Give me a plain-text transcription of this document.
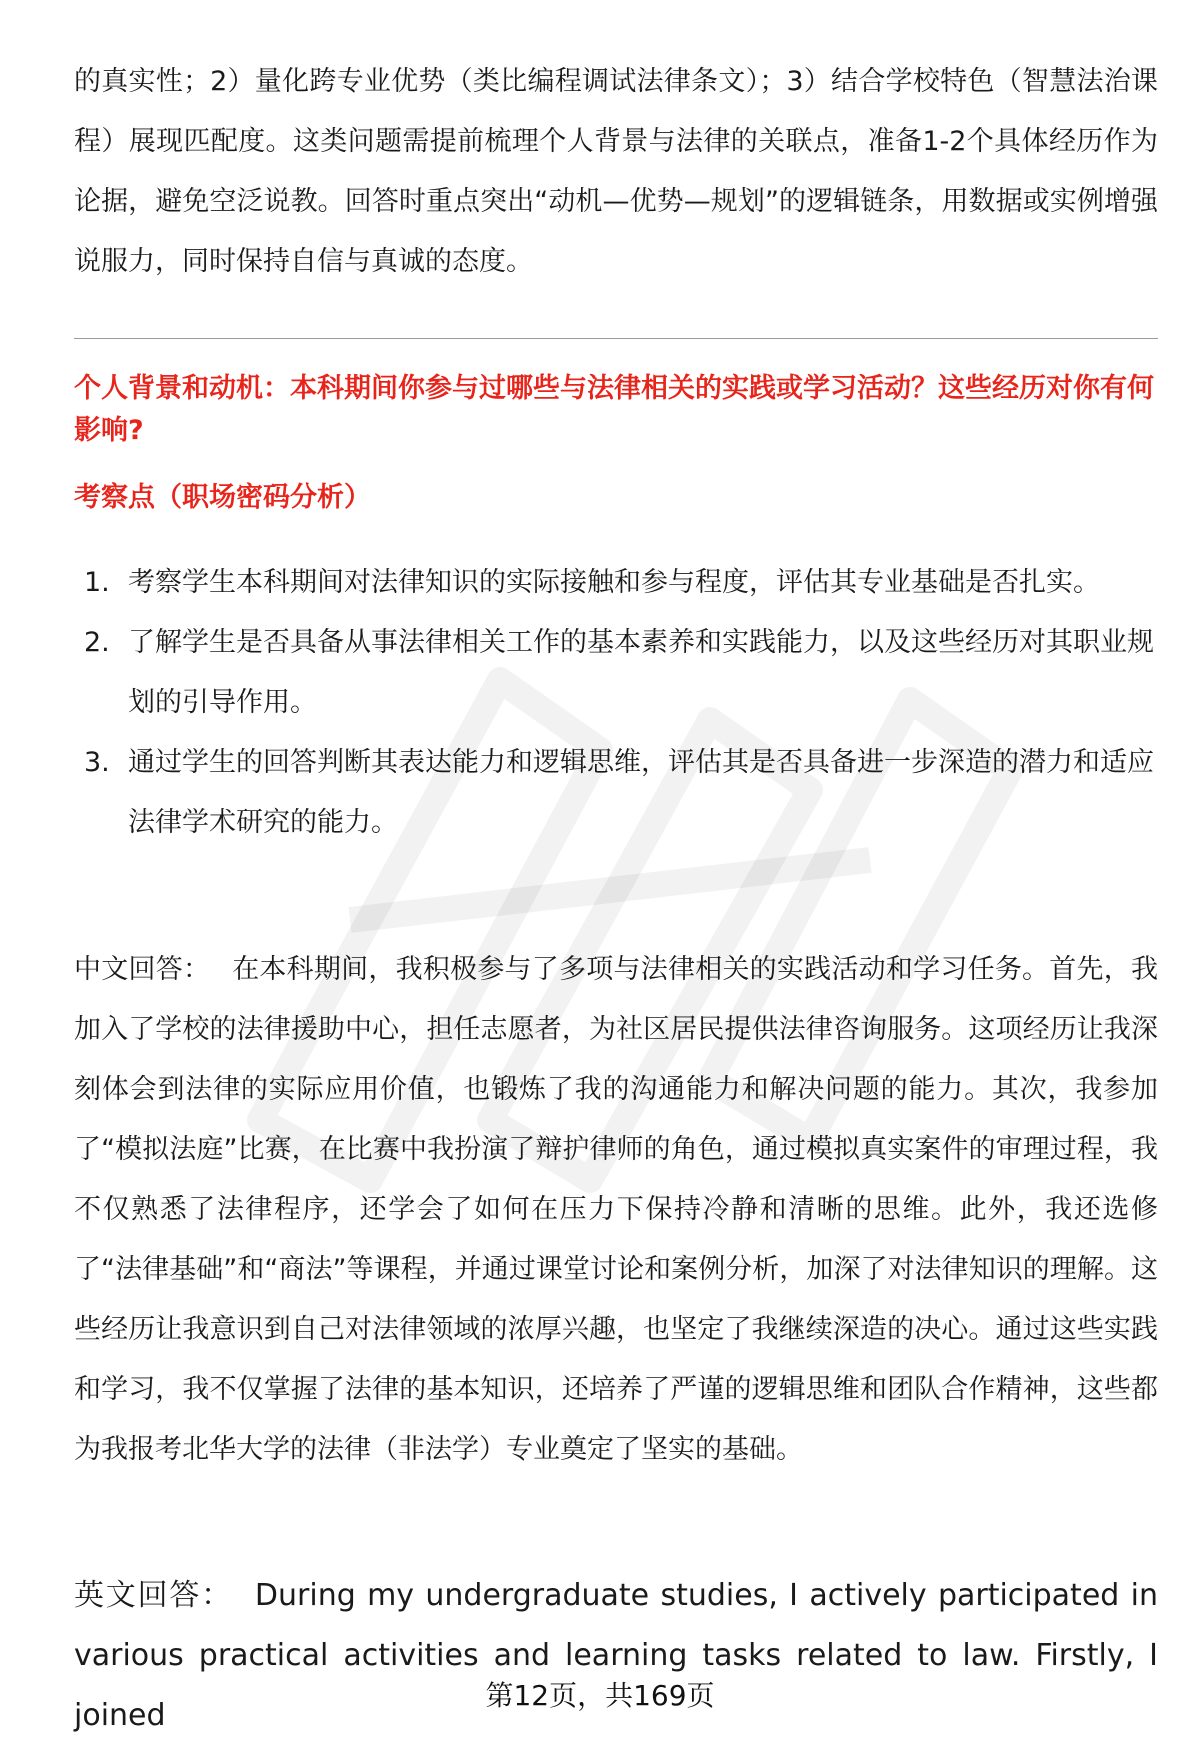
的真实性；2）量化跨专业优势（类比编程调试法律条文）；3）结合学校特色（智慧法治课程）展现匹配度。这类问题需提前梳理个人背景与法律的关联点，准备1-2个具体经历作为论据，避免空泛说教。回答时重点突出“动机—优势—规划”的逻辑链条，用数据或实例增强说服力，同时保持自信与真诚的态度。

个人背景和动机：本科期间你参与过哪些与法律相关的实践或学习活动？这些经历对你有何影响?

考察点（职场密码分析）

1. 考察学生本科期间对法律知识的实际接触和参与程度，评估其专业基础是否扎实。
2. 了解学生是否具备从事法律相关工作的基本素养和实践能力，以及这些经历对其职业规划的引导作用。
3. 通过学生的回答判断其表达能力和逻辑思维，评估其是否具备进一步深造的潜力和适应法律学术研究的能力。

中文回答： 在本科期间，我积极参与了多项与法律相关的实践活动和学习任务。首先，我加入了学校的法律援助中心，担任志愿者，为社区居民提供法律咨询服务。这项经历让我深刻体会到法律的实际应用价值，也锻炼了我的沟通能力和解决问题的能力。其次，我参加了“模拟法庭”比赛，在比赛中我扮演了辩护律师的角色，通过模拟真实案件的审理过程，我不仅熟悉了法律程序，还学会了如何在压力下保持冷静和清晰的思维。此外，我还选修了“法律基础”和“商法”等课程，并通过课堂讨论和案例分析，加深了对法律知识的理解。这些经历让我意识到自己对法律领域的浓厚兴趣，也坚定了我继续深造的决心。通过这些实践和学习，我不仅掌握了法律的基本知识，还培养了严谨的逻辑思维和团队合作精神，这些都为我报考北华大学的法律（非法学）专业奠定了坚实的基础。

英文回答： During my undergraduate studies, I actively participated in various practical activities and learning tasks related to law. Firstly, I joined

第12页，共169页
